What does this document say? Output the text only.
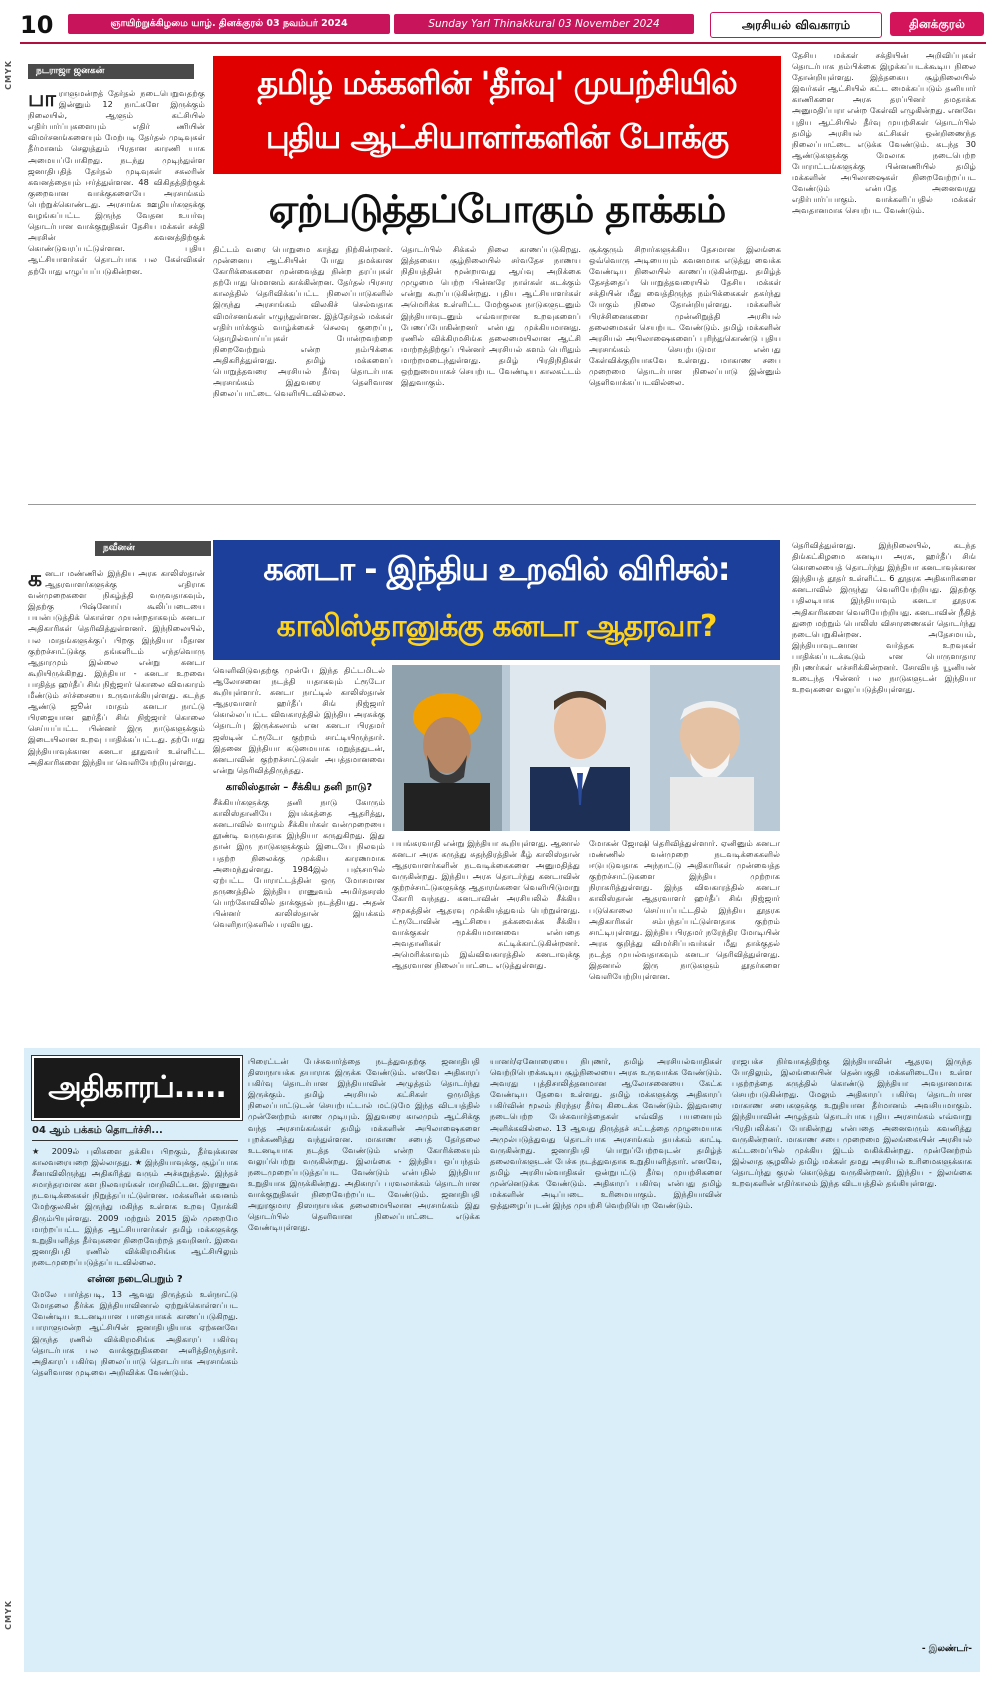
CMYK
CMYK
10	ஞாயிற்றுக்கிழமை யாழ். தினக்குரல் 03 நவம்பர் 2024	Sunday Yarl Thinakkural 03 November 2024	அரசியல் விவகாரம்	தினக்குரல்
நடராஜா ஜனகன்	தமிழ் மக்களின் 'தீர்வு' முயற்சியில்
புதிய ஆட்சியாளர்களின் போக்கு
ஏற்படுத்தப்போகும் தாக்கம்
பா ராளுமன்றத் தேர்தல் நடைபெறுவதற்கு இன்னும் 12 நாட்களே இருக்கும் நிலையில், ஆளும் கட்சியில் எதிர்பார்ப்புகளையும் எதிர் ணியின் விமர்சனங்களையும் மேற்படி தேர்தல் முடிவுகள் தீர்மானம் செலுத்தும் பிரதான காரணி யாக அமையப்போகிறது. நடந்து முடிந்துள்ள ஜனாதிபதித் தேர்தல் முடிவுகள் சகலரின் கவனத்தையும் ஈர்த்துள்ளன. 48 விகிதத்திற்குக் குறைவான வாக்குகளையே அரசாங்கம் பெற்றுக்கொண்டது. அரசாங்க ஊழியர்களுக்கு வழங்கப்பட்ட இருந்த வேதன உயர்வு தொடர்பான வாக்குறுதிகள் தேசிய மக்கள் சக்தி அரசின் கவனத்திற்குக் கொண்டுவரப்பட்டுள்ளன. புதிய ஆட்சியாளர்கள் தொடர்பாக பல கேள்விகள் தற்போது எழுப்பப்படுகின்றன.
திட்டம் வரை பொறுமை காத்து நிற்கின்றனர். முன்னைய ஆட்சியின் போது தமக்கான கோரிக்கைகளை முன்வைத்து நின்ற தரப்புகள் தற்போது மௌனம் காக்கின்றன. தேர்தல் பிரசார காலத்தில் தெரிவிக்கப்பட்ட நிலைப்பாடுகளில் இருந்து அரசாங்கம் விலகிச் செல்வதாக விமர்சனங்கள் எழுந்துள்ளன. இத்தேர்தல் மக்கள் எதிர்பார்க்கும் வாழ்க்கைச் செலவு குறைப்பு, தொழில்வாய்ப்புகள் போன்றவற்றை நிறைவேற்றும் என்ற நம்பிக்கை அதிகரித்துள்ளது. தமிழ் மக்களைப் பொறுத்தவரை அரசியல் தீர்வு தொடர்பாக அரசாங்கம் இதுவரை தெளிவான நிலைப்பாட்டை வெளியிடவில்லை.
தொடர்பில் சிக்கல் நிலை காணப்படுகிறது. இத்தகைய சூழ்நிலையில் சர்வதேச நாணய நிதியத்தின் மூன்றாவது ஆய்வு அறிக்கை முழுமை பெற்ற பின்னரே நாள்கள் கடக்கும் என்று கூறப்படுகின்றது. புதிய ஆட்சியாளர்கள் அமெரிக்க உள்ளிட்ட மேற்குலக நாடுகளுடனும் இந்தியாவுடனும் எவ்வாறான உறவுகளைப் பேணப்போகின்றனர் என்பது முக்கியமானது. ரணில் விக்கிரமசிங்க தலைமையிலான ஆட்சி மாற்றத்திற்குப் பின்னர் அரசியல் களம் பெரிதும் மாற்றமடைந்துள்ளது. தமிழ் பிரதிநிதிகள் ஒற்றுமையாகச் செயற்பட வேண்டிய காலகட்டம் இதுவாகும்.
சூக்குரும் சிறார்களுக்கிய தேசமான இலங்கை ஒவ்வொரு அடியையும் கவனமாக எடுத்து வைக்க வேண்டிய நிலையில் காணப்படுகின்றது. தமிழ்த் தேசத்தைப் பொறுத்தவரையில் தேசிய மக்கள் சக்தியின் மீது வைத்திருந்த நம்பிக்கைகள் தகர்ந்து போகும் நிலை தோன்றியுள்ளது. மக்களின் பிரச்சினைகளை முன்னிறுத்தி அரசியல் தலைமைகள் செயற்பட வேண்டும். தமிழ் மக்களின் அரசியல் அபிலாஷைகளைப் புரிந்துகொண்டு புதிய அரசாங்கம் செயற்படுமா என்பது கேள்விக்குறியாகவே உள்ளது. மாகாண சபை முறைமை தொடர்பான நிலைப்பாடு இன்னும் தெளிவாக்கப்படவில்லை.
தேசிய மக்கள் சக்தியின் அறிவிப்புகள் தொடர்பாக நம்பிக்கை இழக்கப்படக்கூடிய நிலை தோன்றியுள்ளது. இத்தகைய சூழ்நிலையில் இவர்கள் ஆட்சியில் கட்ட மைக்கப்படும் தனியார் காணிகளை அரசு தரப்பினர் தமதாக்க அனுமதிப்பரா என்ற கேள்வி எழுகின்றது. எனவே புதிய ஆட்சியில் தீர்வு முயற்சிகள் தொடர்பில் தமிழ் அரசியல் கட்சிகள் ஒன்றிணைந்த நிலைப்பாட்டை எடுக்க வேண்டும். கடந்த 30 ஆண்டுகளுக்கு மேலாக நடைபெற்ற போராட்டங்களுக்கு பின்னணியில் தமிழ் மக்களின் அபிலாஷைகள் நிறைவேற்றப்பட வேண்டும் என்பதே அனைவரது எதிர்பார்ப்பாகும். வாக்களிப்பதில் மக்கள் அவதானமாக செயற்பட வேண்டும்.
நவீனன்
கனடா - இந்திய உறவில் விரிசல்:
காலிஸ்தானுக்கு கனடா ஆதரவா?
க னடா மண்ணில் இந்திய அரசு காலிஸ்தான் ஆதரவாளர்களுக்கு எதிராக வன்முறைகளை நிகழ்த்தி வருவதாகவும், இதற்கு பிஷ்னோய் கூலிப்படையை பயன்படுத்திக் கொள்ள முயன்றதாகவும் கனடா அதிகாரிகள் தெரிவித்துள்ளனர். இந்நிலையில், பல மாதங்களுக்குப் பிறகு இந்தியா மீதான குற்றச்சாட்டுக்கு தங்களிடம் எந்தவொரு ஆதாரமும் இல்லை என்று கனடா கூறியிருக்கிறது. இந்தியா - கனடா உறவை பாதித்த ஹர்தீப் சிங் நிஜ்ஜார் கொலை விவகாரம் மீண்டும் சர்ச்சையை உருவாக்கியுள்ளது. கடந்த ஆண்டு ஜூன் மாதம் கனடா நாட்டு பிரஜையான ஹர்தீப் சிங் நிஜ்ஜார் கொலை செய்யப்பட்ட பின்னர் இரு நாடுகளுக்கும் இடையிலான உறவு பாதிக்கப்பட்டது. தற்போது இந்தியாவுக்கான கனடா தூதுவர் உள்ளிட்ட அதிகாரிகளை இந்தியா வெளியேற்றியுள்ளது.

வெளிவிடுவதற்கு முன்பே இந்த திட்டமிடல் ஆலோசனை நடத்தி யதாகவும் ட்ரூடோ கூறியுள்ளார். கனடா நாட்டில் காலிஸ்தான் ஆதரவாளர் ஹர்தீப் சிங் நிஜ்ஜார் கொல்லப்பட்ட விவகாரத்தில் இந்திய அரசுக்கு தொடர்பு இருக்கலாம் என கனடா பிரதமர் ஜஸ்டின் ட்ரூடோ குற்றம் சாட்டியிருந்தார். இதனை இந்தியா கடுமையாக மறுத்ததுடன், கனடாவின் குற்றச்சாட்டுகள் அபத்தமானவை என்று தெரிவித்திருந்தது.

காலிஸ்தான் – சீக்கிய தனி நாடு?

சீக்கியர்களுக்கு தனி நாடு கோரும் காலிஸ்தானியே இயக்கத்தை ஆதரித்து, கனடாவில் வாழும் சீக்கியர்கள் வன்முறையை தூண்டி வருவதாக இந்தியா கருதுகிறது. இது தான் இரு நாடுகளுக்கும் இடையே நிலவும் பதற்ற நிலைக்கு முக்கிய காரணமாக அமைந்துள்ளது. 1984இல் பஞ்சாபில் ஏற்பட்ட போராட்டத்தின் ஒரு மோசமான தருணத்தில் இந்திய ராணுவம் அமிர்தசரஸ் பொற்கோவிலில் தாக்குதல் நடத்தியது. அதன் பின்னர் காலிஸ்தான் இயக்கம் வெளிநாடுகளில் பரவியது.

பயங்கரவாதி என்று இந்தியா கூறியுள்ளது. ஆனால் கனடா அரசு கருத்து சுதந்திரத்தின் கீழ் காலிஸ்தான் ஆதரவாளர்களின் நடவடிக்கைகளை அனுமதித்து வருகின்றது. இந்திய அரசு தொடர்ந்து கனடாவின் குற்றச்சாட்டுகளுக்கு ஆதாரங்களை வெளியிடுமாறு கோரி வந்தது. கனடாவின் அரசியலில் சீக்கிய சமூகத்தின் ஆதரவு முக்கியத்துவம் பெற்றுள்ளது. ட்ரூடோவின் ஆட்சியை தக்கவைக்க சீக்கிய வாக்குகள் முக்கியமானவை என்பதை அவதானிகள் சுட்டிக்காட்டுகின்றனர். அமெரிக்காவும் இவ்விவகாரத்தில் கனடாவுக்கு ஆதரவான நிலைப்பாட்டை எடுத்துள்ளது.
மோகன் ஜோஷி தெரிவித்துள்ளார். ஏனினும் கனடா மண்ணில் வன்முறை நடவடிக்கைகளில் ஈடுபடுவதாக அந்நாட்டு அதிகாரிகள் முன்வைத்த குற்றச்சாட்டுகளை இந்திய முற்றாக நிராகரித்துள்ளது. இந்த விவகாரத்தில் கனடா காலிஸ்தான் ஆதரவாளர் ஹர்தீப் சிங் நிஜ்ஜார் படுகொலை செய்யப்பட்டதில் இந்திய தூதரக அதிகாரிகள் சம்பந்தப்பட்டுள்ளதாக குற்றம் சாட்டியுள்ளது. இந்திய பிரதமர் நரேந்திர மோடியின் அரசு குறித்து விமர்சிப்பவர்கள் மீது தாக்குதல் நடத்த முயல்வதாகவும் கனடா தெரிவித்துள்ளது. இதனால் இரு நாடுகளும் தூதர்களை வெளியேற்றியுள்ளன.
தெரிவித்துள்ளது. இந்நிலையில், கடந்த திங்கட்கிழமை கனடிய அரசு, ஹர்தீப் சிங் கொலையைத் தொடர்ந்து இந்தியா கனடாவுக்கான இந்தியத் தூதர் உள்ளிட்ட 6 தூதரக அதிகாரிகளை கனடாவில் இருந்து வெளியேற்றியது. இதற்கு பதிலடியாக இந்தியாவும் கனடா தூதரக அதிகாரிகளை வெளியேற்றியது. கனடாவின் நீதித் துறை மற்றும் பொலிஸ் விசாரணைகள் தொடர்ந்து நடைபெறுகின்றன. அதேசமயம், இந்தியாவுடனான வர்த்தக உறவுகள் பாதிக்கப்படக்கூடும் என பொருளாதார நிபுணர்கள் எச்சரிக்கின்றனர். சோவியத் யூனியன் உடைந்த பின்னர் பல நாடுகளுடன் இந்தியா உறவுகளை வலுப்படுத்தியுள்ளது.
அதிகாரப்.....
04 ஆம் பக்கம் தொடர்ச்சி...

★ 2009ல் புலிகளை தக்கிய பிறகும், தீர்வுக்கான காலவரையறை இல்லாதது. ★ இந்தியாவுக்கு, சூழ்ப்பாக சீனாவிலிருந்து அதிகரித்து வரும் அச்சுறுத்தல். இந்தச் சமாந்தரமான கள நிலவரங்கள் மாறிவிட்டன. இராணுவ நடவடிக்கைகள் நிறுத்தப்பட்டுள்ளன. மக்களின் கவனம் மேற்குலகின் இருந்து மகிந்த உள்ளக உறவு நோக்கி திரும்பியுள்ளது. 2009 மற்றும் 2015 இல் முறைமே மாற்றப்பட்ட இந்த ஆட்சியாளர்கள் தமிழ் மக்களுக்கு உறுதியளித்த தீர்வுகளை நிறைவேற்றத் தவறினர். இவை ஜனாதிபதி ரணில் விக்கிரமசிங்க ஆட்சியிலும் நடைமுறைப்படுத்தப்படவில்லை.

என்ன நடைபெறும் ?

மேலே பார்த்தபடி, 13 ஆவது திருத்தம் உள்நாட்டு மோதலை தீர்க்க இந்தியாவினால் ஏற்றுக்கொள்ளப்பட வேண்டிய உடனடியான பாதையாகக் காணப்படுகிறது. பாராளுமன்ற ஆட்சியின் ஜனாதிபதியாக ஏற்கனவே இருந்த ரணில் விக்கிரமசிங்க அதிகாரப் பகிர்வு தொடர்பாக பல வாக்குறுதிகளை அளித்திருந்தார். அதிகாரப் பகிர்வு நிலைப்பாடு தொடர்பாக அரசாங்கம் தெளிவான முடிவை அறிவிக்க வேண்டும்.

பிரைட்டன் பேச்சுவார்த்தை நடத்துவதற்கு ஜனாதிபதி திஸாநாயக்க தயாராக இருக்க வேண்டும். எனவே அதிகாரப் பகிர்வு தொடர்பான இந்தியாவின் அழுத்தம் தொடர்ந்து இருக்கும். தமிழ் அரசியல் கட்சிகள் ஒருமித்த நிலைப்பாட்டுடன் செயற்பட்டால் மட்டுமே இந்த விடயத்தில் முன்னேற்றம் காண முடியும். இதுவரை காலமும் ஆட்சிக்கு வந்த அரசாங்கங்கள் தமிழ் மக்களின் அபிலாஷைகளை புறக்கணித்து வந்துள்ளன. மாகாண சபைத் தேர்தலை உடனடியாக நடத்த வேண்டும் என்ற கோரிக்கையும் வலுப்பெற்று வருகின்றது. இலங்கை - இந்திய ஒப்பந்தம் நடைமுறைப்படுத்தப்பட வேண்டும் என்பதில் இந்தியா உறுதியாக இருக்கின்றது. அதிகாரப் பரவலாக்கம் தொடர்பான வாக்குறுதிகள் நிறைவேற்றப்பட வேண்டும். ஜனாதிபதி அநுரகுமார திஸாநாயக்க தலைமையிலான அரசாங்கம் இது தொடர்பில் தெளிவான நிலைப்பாட்டை எடுக்க வேண்டியுள்ளது.
யானர்/ஏனோரையை நிபுணர், தமிழ் அரசியல்வாதிகள் வெற்றிபெறக்கூடிய சூழ்நிலையை அரசு உருவாக்க வேண்டும். அவரது புத்திசாலித்தனமான ஆலோசனையை கேட்க வேண்டிய தேவை உள்ளது. தமிழ் மக்களுக்கு அதிகாரப் பகிர்வின் மூலம் நிரந்தர தீர்வு கிடைக்க வேண்டும். இதுவரை நடைபெற்ற பேச்சுவார்த்தைகள் எவ்வித பயனையும் அளிக்கவில்லை. 13 ஆவது திருத்தச் சட்டத்தை முழுமையாக அமுல்படுத்துவது தொடர்பாக அரசாங்கம் தயக்கம் காட்டி வருகின்றது. ஜனாதிபதி பொறுப்பேற்றவுடன் தமிழ்த் தலைவர்களுடன் பேச்சு நடத்துவதாக உறுதியளித்தார். எனவே, தமிழ் அரசியல்வாதிகள் ஒன்றுபட்டு தீர்வு முயற்சிகளை முன்னெடுக்க வேண்டும். அதிகாரப் பகிர்வு என்பது தமிழ் மக்களின் அடிப்படை உரிமையாகும். இந்தியாவின் ஒத்துழைப்புடன் இந்த முயற்சி வெற்றிபெற வேண்டும்.
ராஜபக்ச நிர்வாகத்திற்கு இந்தியாவின் ஆதரவு இருந்த போதிலும், இலங்கையின் தென்பகுதி மக்களிடையே உள்ள பதற்றத்தை கருத்தில் கொண்டு இந்தியா அவதானமாக செயற்படுகின்றது. மேலும் அதிகாரப் பகிர்வு தொடர்பான மாகாண சபைகளுக்கு உறுதியான தீர்மானம் அவசியமாகும். இந்தியாவின் அழுத்தம் தொடர்பாக புதிய அரசாங்கம் எவ்வாறு பிரதிபலிக்கப் போகின்றது என்பதை அனைவரும் கவனித்து வருகின்றனர். மாகாண சபை முறைமை இலங்கையின் அரசியல் கட்டமைப்பில் முக்கிய இடம் வகிக்கின்றது. முன்னேற்றம் இல்லாத சூழலில் தமிழ் மக்கள் தமது அரசியல் உரிமைகளுக்காக தொடர்ந்து குரல் கொடுத்து வருகின்றனர். இந்திய - இலங்கை உறவுகளின் எதிர்காலம் இந்த விடயத்தில் தங்கியுள்ளது.
- இலண்டர்-
